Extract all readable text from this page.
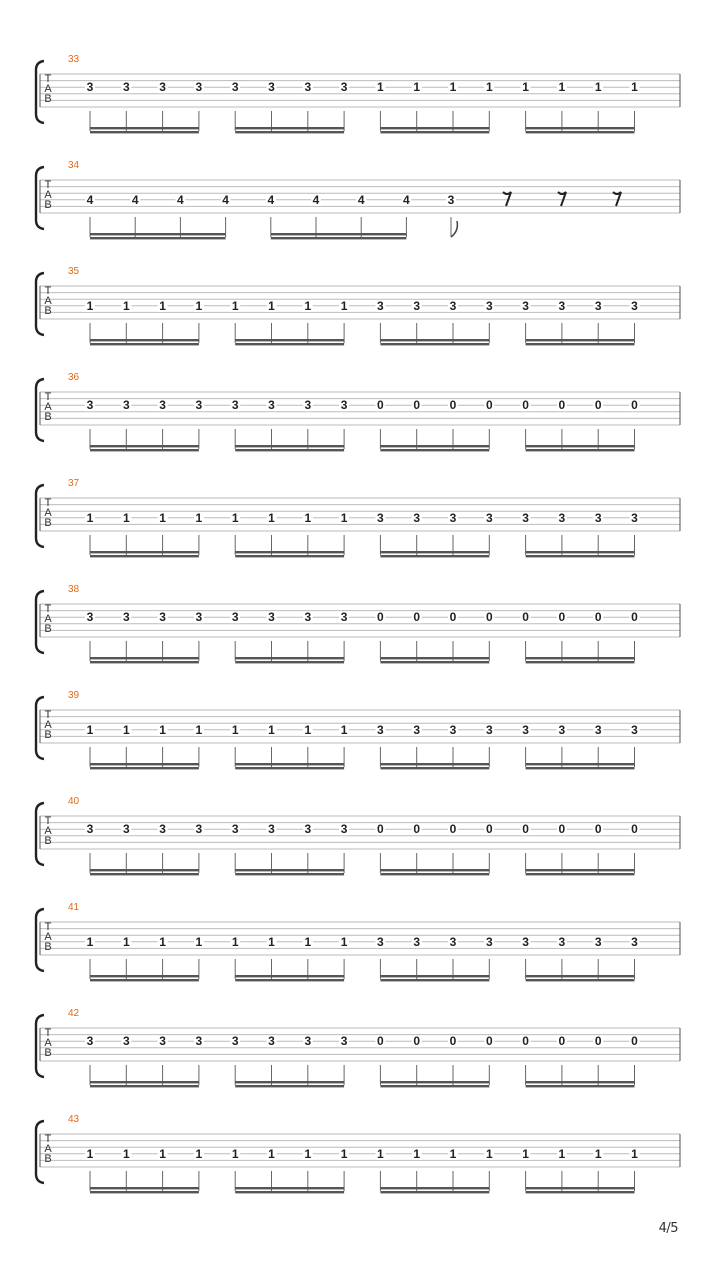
33
T
A
B
3 3 3 3 3 3 3 3 1 1 1 1 1 1 1 1
34
T
A
B	4	4	4	4	4	4	4	4	3
35
T
A
B	1 1 1 1 1 1 1 1 3 3 3 3 3 3 3 3
36
T
A
B
3 3 3 3 3 3 3 3 0 0 0 0 0 0 0 0
37
T
A
B	1 1 1 1 1 1 1 1 3 3 3 3 3 3 3 3
38
T
A
B
3 3 3 3 3 3 3 3 0 0 0 0 0 0 0 0
39
T
A
B	1 1 1 1 1 1 1 1 3 3 3 3 3 3 3 3
40
T
A
B
3 3 3 3 3 3 3 3 0 0 0 0 0 0 0 0
41
T
A
B	1 1 1 1 1 1 1 1 3 3 3 3 3 3 3 3
42
T
A
B
3 3 3 3 3 3 3 3 0 0 0 0 0 0 0 0
43
T
A
B	1 1 1 1 1 1 1 1 1 1 1 1 1 1 1 1
4/5
